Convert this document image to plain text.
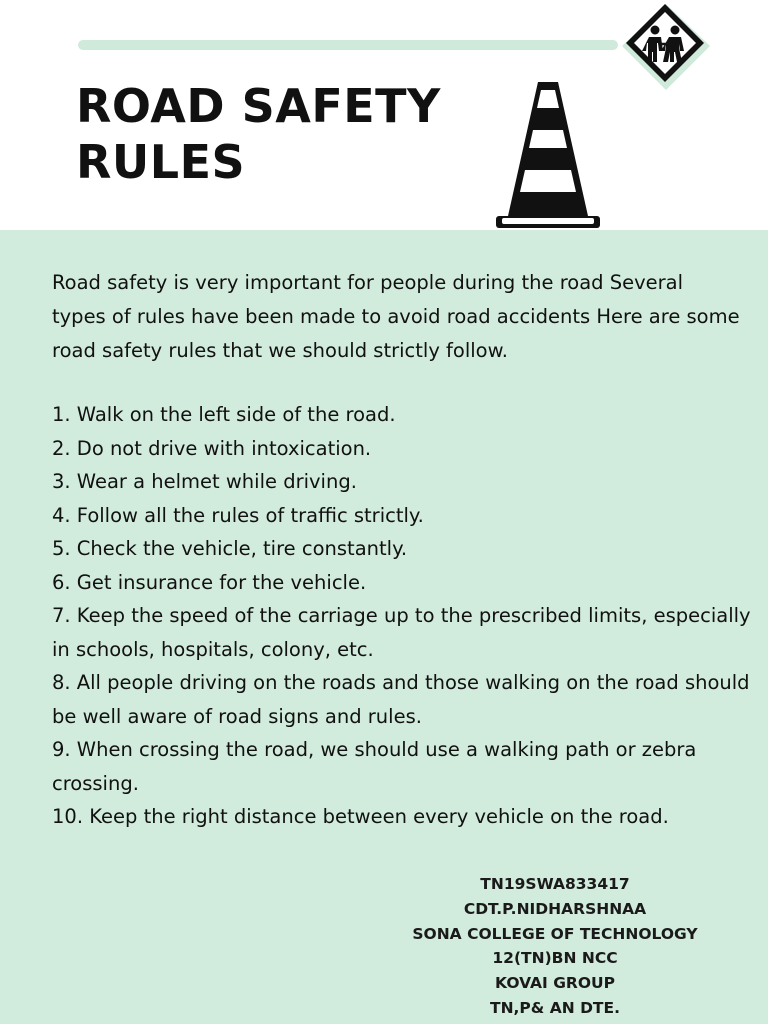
ROAD SAFETY
RULES

Road safety is very important for people during the road Several types of rules have been made to avoid road accidents Here are some road safety rules that we should strictly follow.

1. Walk on the left side of the road.
2. Do not drive with intoxication.
3. Wear a helmet while driving.
4. Follow all the rules of traffic strictly.
5. Check the vehicle, tire constantly.
6. Get insurance for the vehicle.
7. Keep the speed of the carriage up to the prescribed limits, especially in schools, hospitals, colony, etc.
8. All people driving on the roads and those walking on the road should be well aware of road signs and rules.
9. When crossing the road, we should use a walking path or zebra crossing.
10. Keep the right distance between every vehicle on the road.
TN19SWA833417
CDT.P.NIDHARSHNAA
SONA COLLEGE OF TECHNOLOGY
12(TN)BN NCC
KOVAI GROUP
TN,P& AN DTE.
